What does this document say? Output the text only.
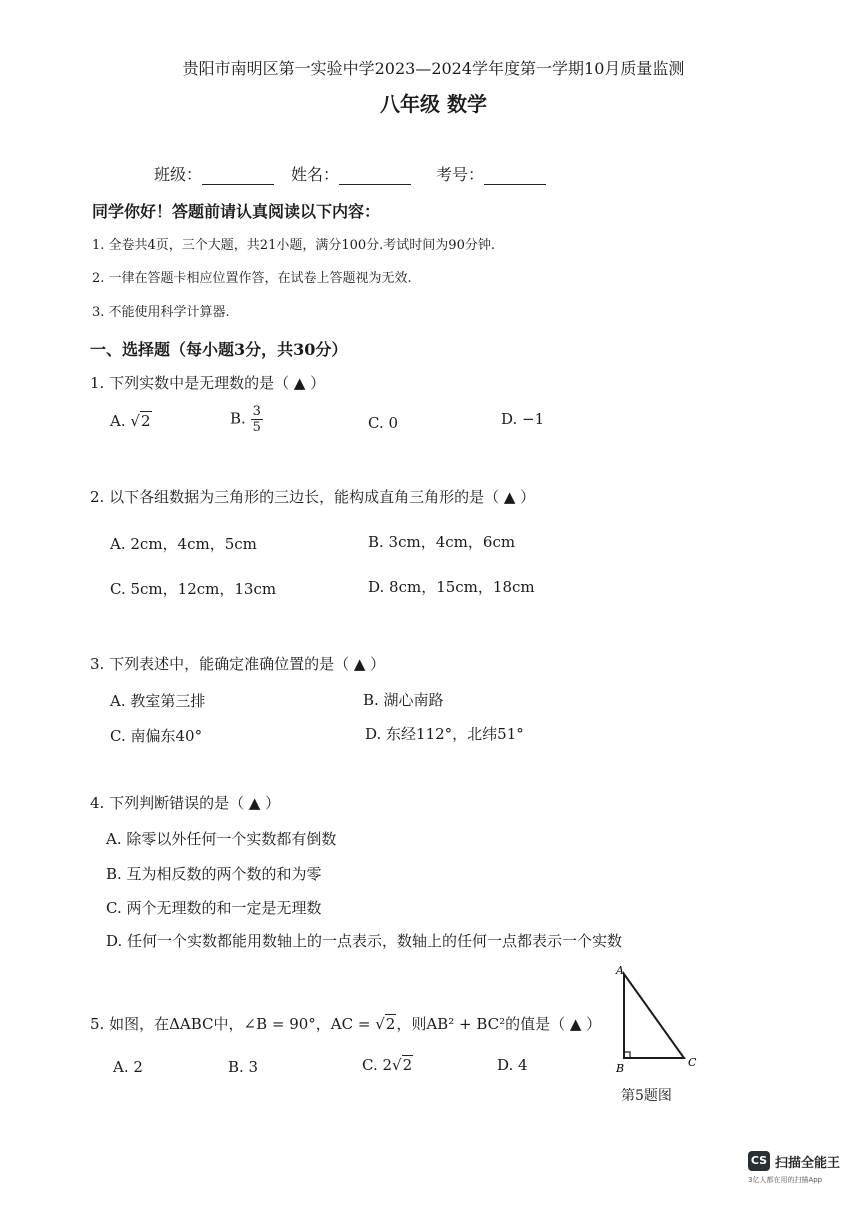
贵阳市南明区第一实验中学2023—2024学年度第一学期10月质量监测
八年级 数学
班级：	姓名：	考号：
同学你好！答题前请认真阅读以下内容：
1. 全卷共4页，三个大题，共21小题，满分100分.考试时间为90分钟.
2. 一律在答题卡相应位置作答，在试卷上答题视为无效.
3. 不能使用科学计算器.
一、选择题（每小题3分，共30分）
1. 下列实数中是无理数的是（ ▲ ）
A. √2	B. $\frac{3}{5}$	C. 0	D. −1
2. 以下各组数据为三角形的三边长，能构成直角三角形的是（ ▲ ）
A. 2cm，4cm，5cm	B. 3cm，4cm，6cm
C. 5cm，12cm，13cm	D. 8cm，15cm，18cm
3. 下列表述中，能确定准确位置的是（ ▲ ）
A. 教室第三排	B. 湖心南路
C. 南偏东40°	D. 东经112°，北纬51°
4. 下列判断错误的是（ ▲ ）
A. 除零以外任何一个实数都有倒数
B. 互为相反数的两个数的和为零
C. 两个无理数的和一定是无理数
D. 任何一个实数都能用数轴上的一点表示，数轴上的任何一点都表示一个实数
5. 如图，在ΔABC中，∠B = 90°，AC = √2，则AB² + BC²的值是（ ▲ ）
A. 2	B. 3	C. 2√2	D. 4
A
B	C
第5题图
CS 扫描全能王
3亿人都在用的扫描App
